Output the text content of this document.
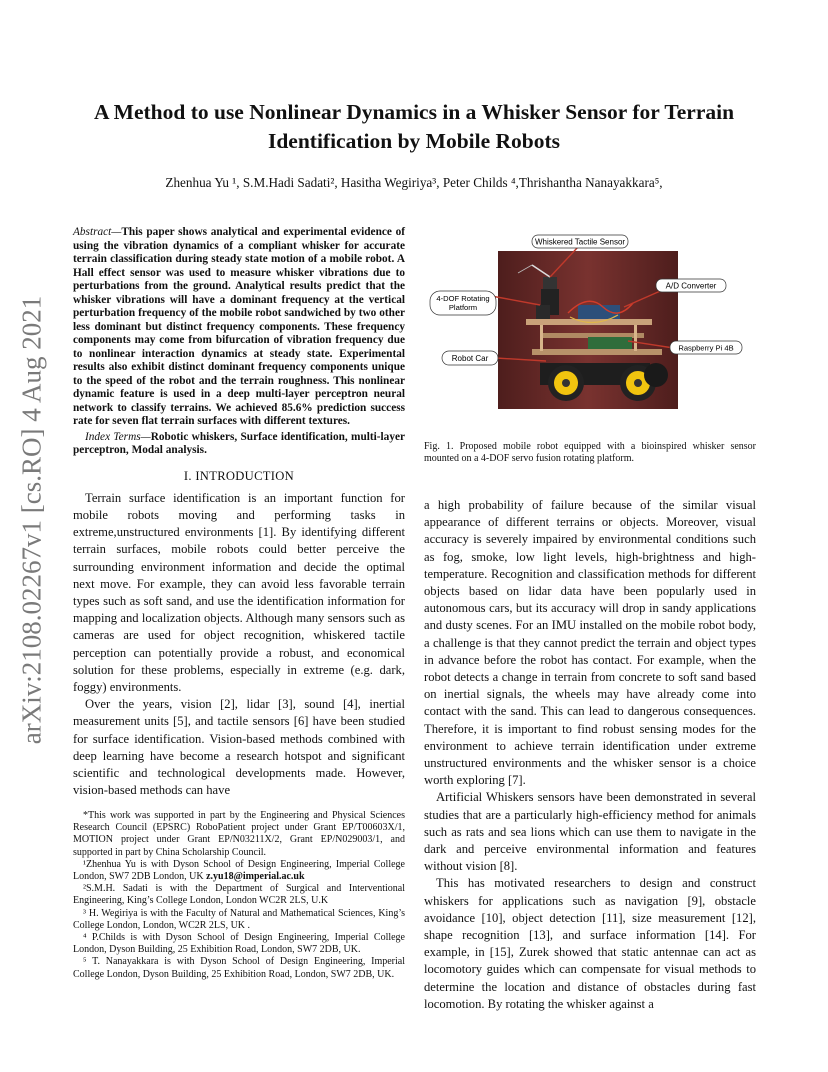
arXiv:2108.02267v1 [cs.RO] 4 Aug 2021
A Method to use Nonlinear Dynamics in a Whisker Sensor for Terrain Identification by Mobile Robots
Zhenhua Yu ¹, S.M.Hadi Sadati², Hasitha Wegiriya³, Peter Childs ⁴,Thrishantha Nanayakkara⁵,

Abstract—This paper shows analytical and experimental evidence of using the vibration dynamics of a compliant whisker for accurate terrain classification during steady state motion of a mobile robot. A Hall effect sensor was used to measure whisker vibrations due to perturbations from the ground. Analytical results predict that the whisker vibrations will have a dominant frequency at the vertical perturbation frequency of the mobile robot sandwiched by two other less dominant but distinct frequency components. These frequency components may come from bifurcation of vibration frequency due to nonlinear interaction dynamics at steady state. Experimental results also exhibit distinct dominant frequency components unique to the speed of the robot and the terrain roughness. This nonlinear dynamic feature is used in a deep multi-layer perceptron neural network to classify terrains. We achieved 85.6% prediction success rate for seven flat terrain surfaces with different textures.

Index Terms—Robotic whiskers, Surface identification, multi-layer perceptron, Modal analysis.

I. INTRODUCTION

Terrain surface identification is an important function for mobile robots moving and performing tasks in extreme,unstructured environments [1]. By identifying different terrain surfaces, mobile robots could better perceive the surrounding environment information and decide the optimal next move. For example, they can avoid less favorable terrain types such as soft sand, and use the identification information for mapping and localization objects. Although many sensors such as cameras are used for object recognition, whiskered tactile perception can potentially provide a robust, and economical solution for these problems, especially in extreme (e.g. dark, foggy) environments.

Over the years, vision [2], lidar [3], sound [4], inertial measurement units [5], and tactile sensors [6] have been studied for surface identification. Vision-based methods combined with deep learning have become a research hotspot and significant scientific and technological developments made. However, vision-based methods can have

*This work was supported in part by the Engineering and Physical Sciences Research Council (EPSRC) RoboPatient project under Grant EP/T00603X/1, MOTION project under Grant EP/N03211X/2, Grant EP/N029003/1, and supported in part by China Scholarship Council.

¹Zhenhua Yu is with Dyson School of Design Engineering, Imperial College London, SW7 2DB London, UK z.yu18@imperial.ac.uk

²S.M.H. Sadati is with the Department of Surgical and Interventional Engineering, King’s College London, London WC2R 2LS, U.K

³ H. Wegiriya is with the Faculty of Natural and Mathematical Sciences, King’s College London, London, WC2R 2LS, UK .

⁴ P.Childs is with Dyson School of Design Engineering, Imperial College London, Dyson Building, 25 Exhibition Road, London, SW7 2DB, UK.

⁵ T. Nanayakkara is with Dyson School of Design Engineering, Imperial College London, Dyson Building, 25 Exhibition Road, London, SW7 2DB, UK.

Whiskered Tactile Sensor
A/D Converter
4-DOF Rotating
Platform
Raspberry Pi 4B
Robot Car
Fig. 1. Proposed mobile robot equipped with a bioinspired whisker sensor mounted on a 4-DOF servo fusion rotating platform.

a high probability of failure because of the similar visual appearance of different terrains or objects. Moreover, visual accuracy is severely impaired by environmental conditions such as fog, smoke, low light levels, high-brightness and high-temperature. Recognition and classification methods for different objects based on lidar data have been popularly used in autonomous cars, but its accuracy will drop in sandy applications and dusty scenes. For an IMU installed on the mobile robot body, a challenge is that they cannot predict the terrain and object types in advance before the robot has contact. For example, when the robot detects a change in terrain from concrete to soft sand based on inertial signals, the wheels may have already come into contact with the sand. This can lead to dangerous consequences. Therefore, it is important to find robust sensing modes for the environment to achieve terrain identification under extreme unstructured environments and the whisker sensor is a choice worth exploring [7].

Artificial Whiskers sensors have been demonstrated in several studies that are a particularly high-efficiency method for animals such as rats and sea lions which can use them to navigate in the dark and perceive environmental information and features without vision [8].

This has motivated researchers to design and construct whiskers for applications such as navigation [9], obstacle avoidance [10], object detection [11], size measurement [12], shape recognition [13], and surface information [14]. For example, in [15], Zurek showed that static antennae can act as locomotory guides which can compensate for visual methods to determine the location and distance of obstacles during fast locomotion. By rotating the whisker against a
